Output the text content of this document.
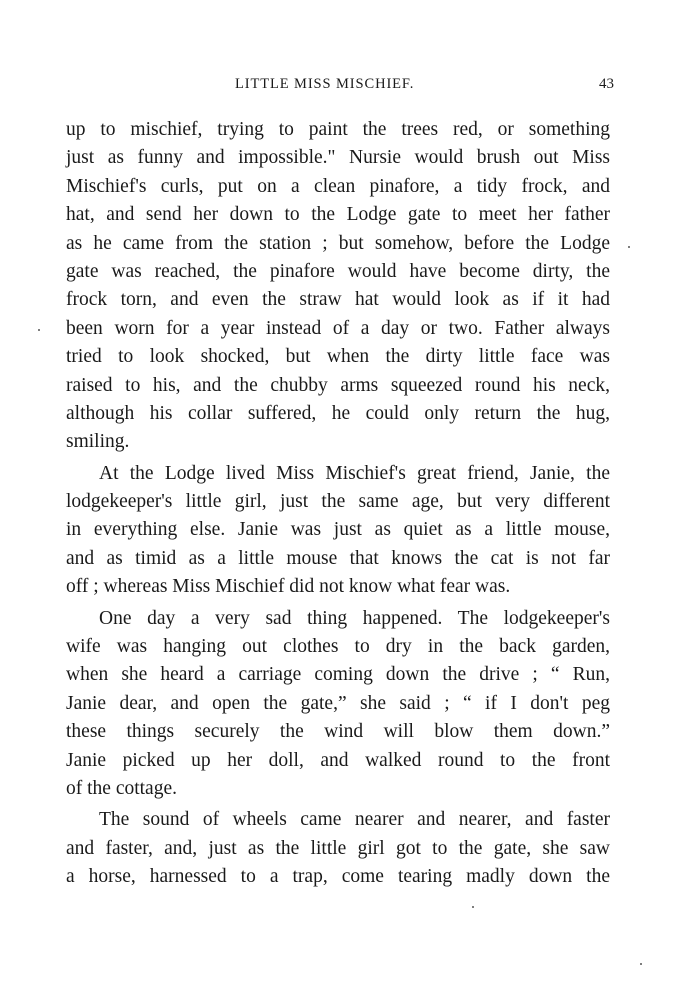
LITTLE MISS MISCHIEF.	43
up to mischief, trying to paint the trees red, or something
just as funny and impossible." Nursie would brush out Miss
Mischief's curls, put on a clean pinafore, a tidy frock, and
hat, and send her down to the Lodge gate to meet her father
as he came from the station ; but somehow, before the Lodge
gate was reached, the pinafore would have become dirty, the
frock torn, and even the straw hat would look as if it had
been worn for a year instead of a day or two. Father always
tried to look shocked, but when the dirty little face was
raised to his, and the chubby arms squeezed round his neck,
although his collar suffered, he could only return the hug,
smiling.
At the Lodge lived Miss Mischief's great friend, Janie, the
lodgekeeper's little girl, just the same age, but very different
in everything else. Janie was just as quiet as a little mouse,
and as timid as a little mouse that knows the cat is not far
off ; whereas Miss Mischief did not know what fear was.
One day a very sad thing happened. The lodgekeeper's
wife was hanging out clothes to dry in the back garden,
when she heard a carriage coming down the drive ; “ Run,
Janie dear, and open the gate,” she said ; “ if I don't peg
these things securely the wind will blow them down.”
Janie picked up her doll, and walked round to the front
of the cottage.
The sound of wheels came nearer and nearer, and faster
and faster, and, just as the little girl got to the gate, she saw
a horse, harnessed to a trap, come tearing madly down the
